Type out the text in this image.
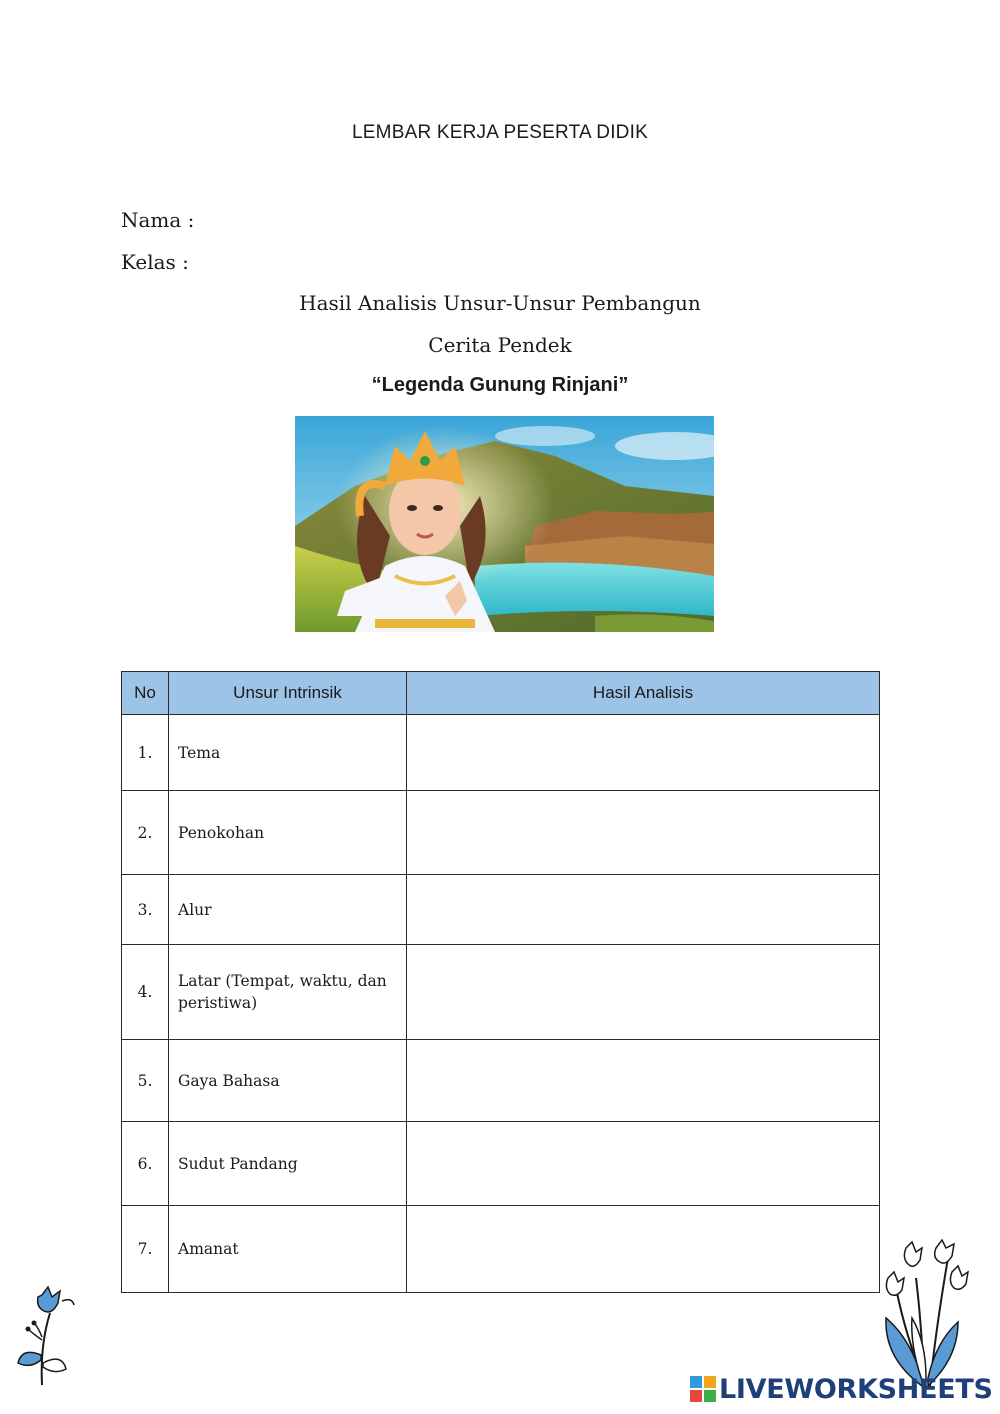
LEMBAR KERJA PESERTA DIDIK
Nama :
Kelas :
Hasil Analisis Unsur-Unsur Pembangun
Cerita Pendek
“Legenda Gunung Rinjani”
No	Unsur Intrinsik	Hasil Analisis
1.	Tema	
2.	Penokohan	
3.	Alur	
4.	Latar (Tempat, waktu, dan peristiwa)	
5.	Gaya Bahasa	
6.	Sudut Pandang	
7.	Amanat	
LIVEWORKSHEETS
